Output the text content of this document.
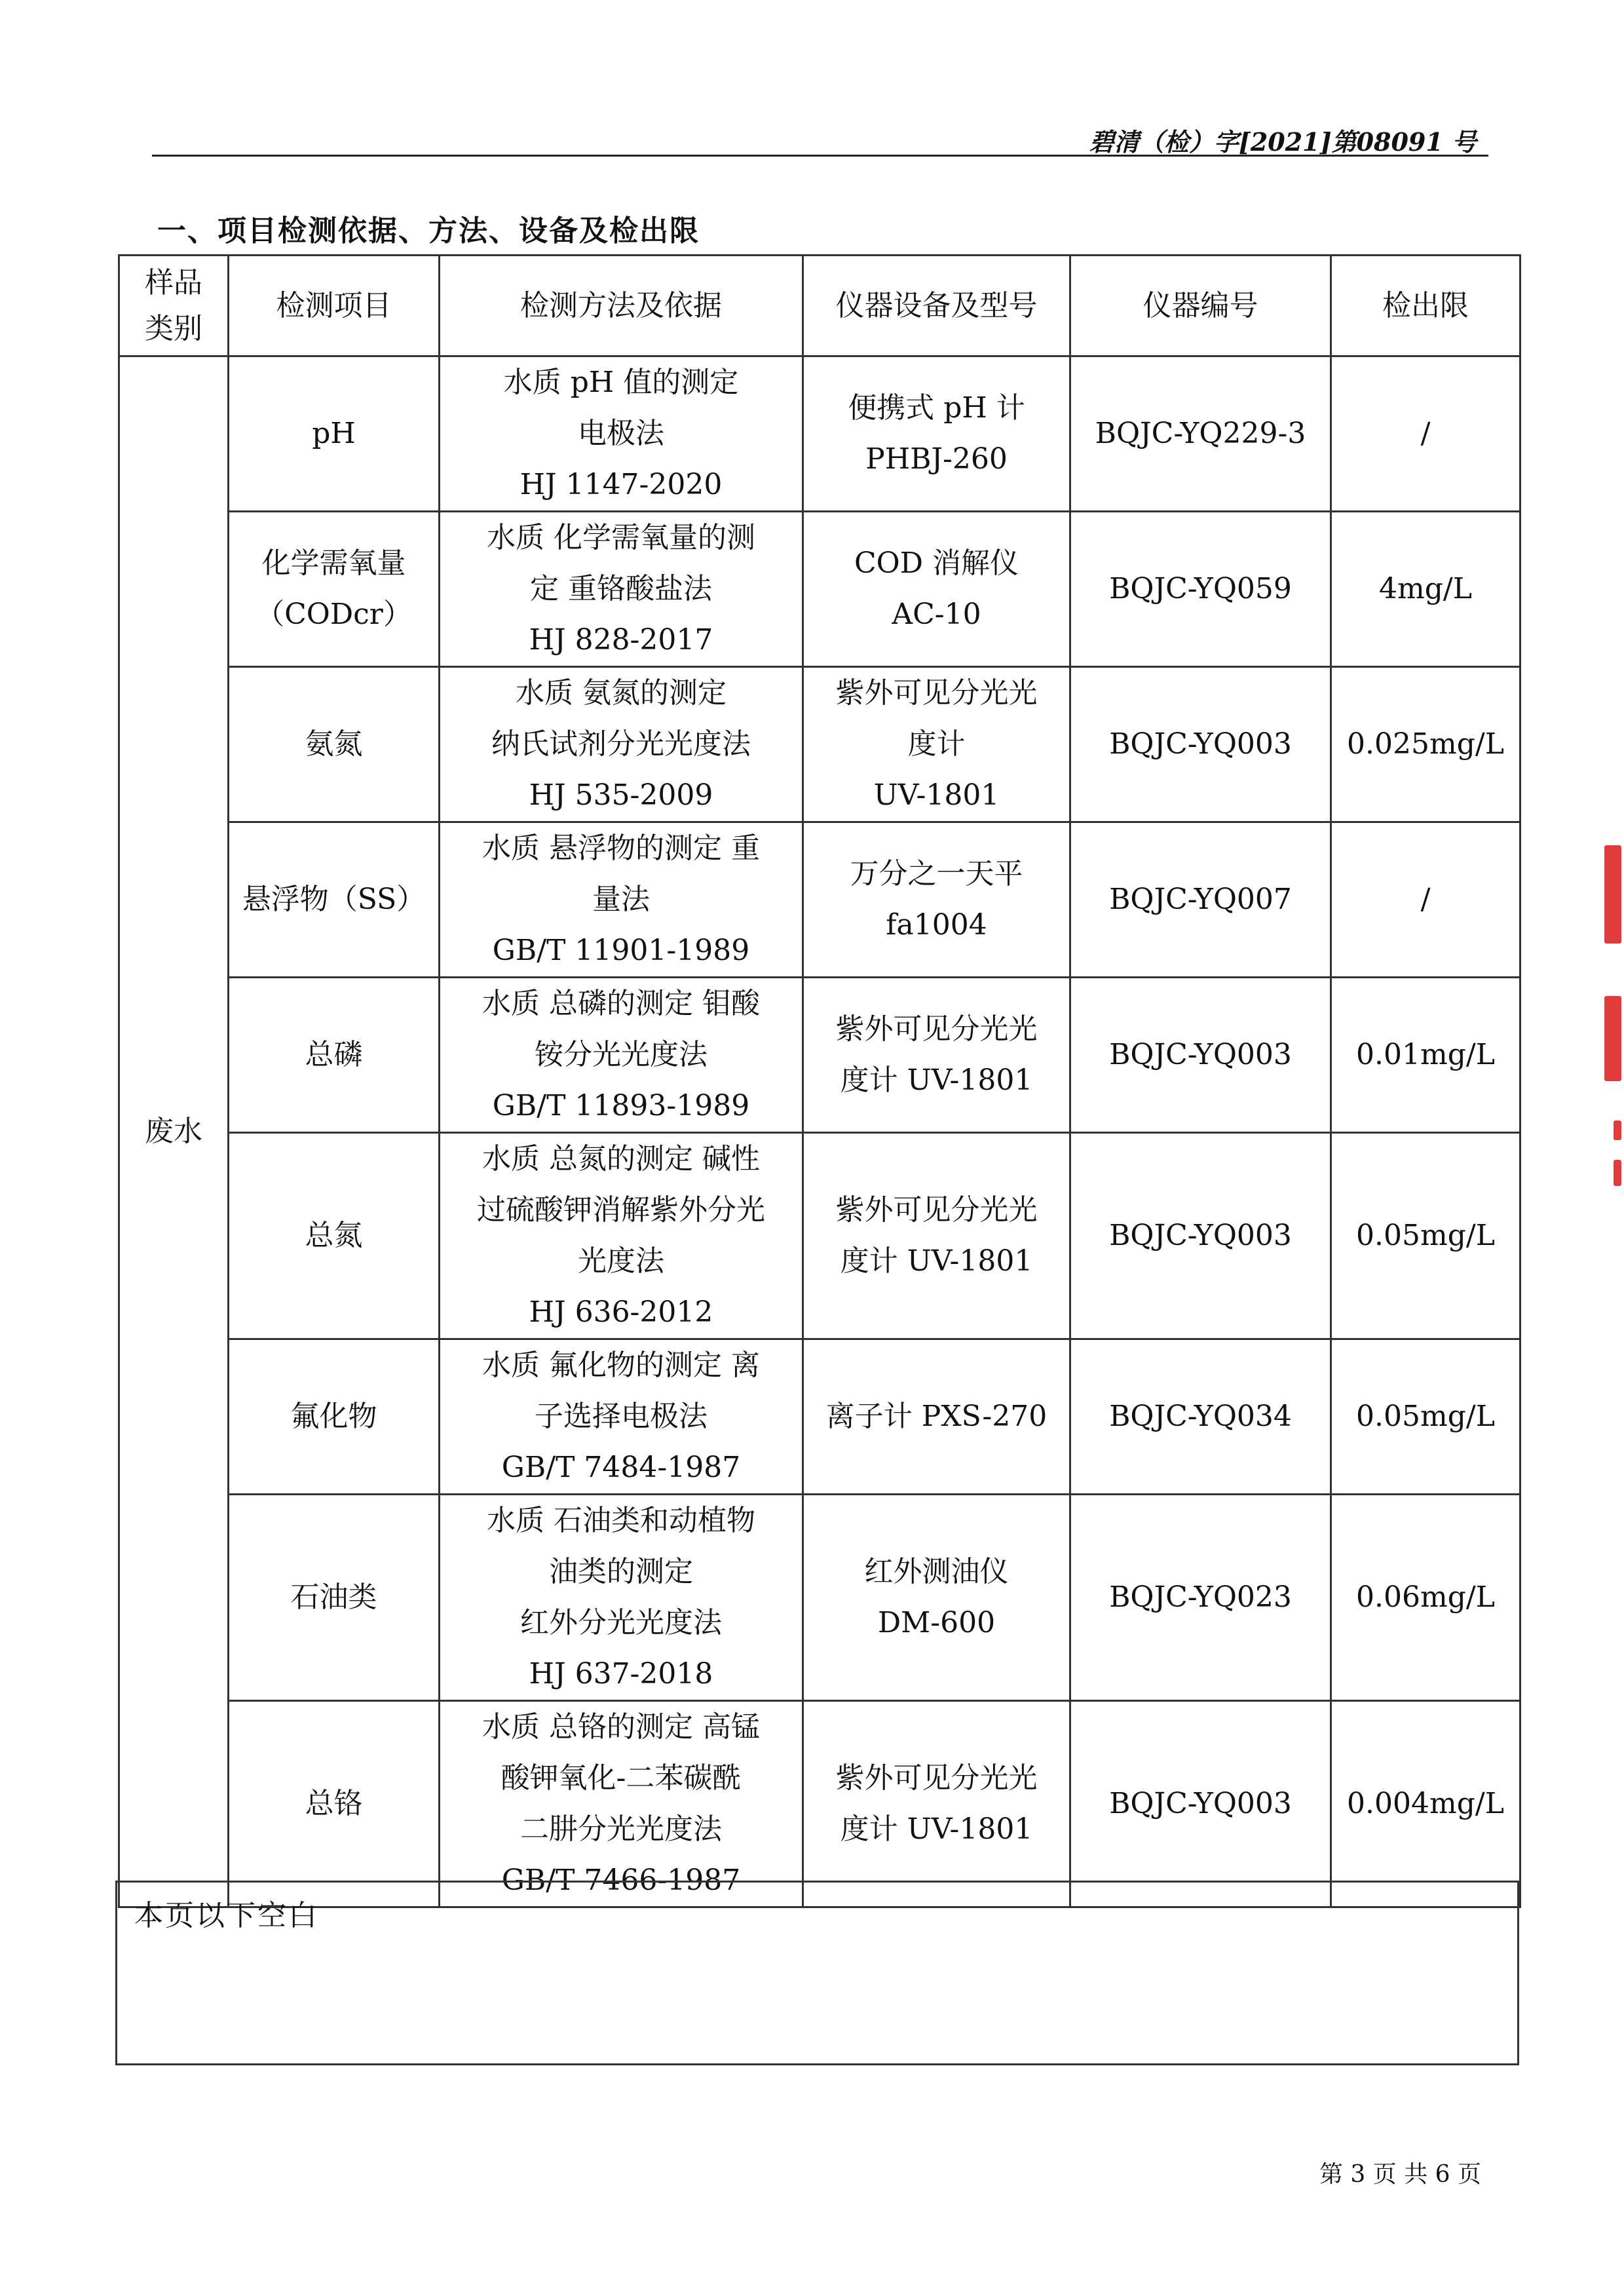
碧清（检）字[2021]第08091 号
一、项目检测依据、方法、设备及检出限
样品
类别	检测项目	检测方法及依据	仪器设备及型号	仪器编号	检出限
废水	pH	水质 pH 值的测定
电极法
HJ 1147-2020	便携式 pH 计
PHBJ-260	BQJC-YQ229-3	/

	化学需氧量
（CODcr）	水质 化学需氧量的测
定 重铬酸盐法
HJ 828-2017	COD 消解仪
AC-10	BQJC-YQ059	4mg/L

	氨氮	水质 氨氮的测定
纳氏试剂分光光度法
HJ 535-2009	紫外可见分光光
度计
UV-1801	BQJC-YQ003	0.025mg/L

	悬浮物（SS）	水质 悬浮物的测定 重
量法
GB/T 11901-1989	万分之一天平
fa1004	BQJC-YQ007	/

	总磷	水质 总磷的测定 钼酸
铵分光光度法
GB/T 11893-1989	紫外可见分光光
度计 UV-1801	BQJC-YQ003	0.01mg/L

	总氮	水质 总氮的测定 碱性
过硫酸钾消解紫外分光
光度法
HJ 636-2012	紫外可见分光光
度计 UV-1801	BQJC-YQ003	0.05mg/L

	氟化物	水质 氟化物的测定 离
子选择电极法
GB/T 7484-1987	离子计 PXS-270	BQJC-YQ034	0.05mg/L

	石油类	水质 石油类和动植物
油类的测定
红外分光光度法
HJ 637-2018	红外测油仪
DM-600	BQJC-YQ023	0.06mg/L

	总铬	水质 总铬的测定 高锰
酸钾氧化-二苯碳酰
二肼分光光度法
GB/T 7466-1987	紫外可见分光光
度计 UV-1801	BQJC-YQ003	0.004mg/L
本页以下空白
第 3 页 共 6 页
